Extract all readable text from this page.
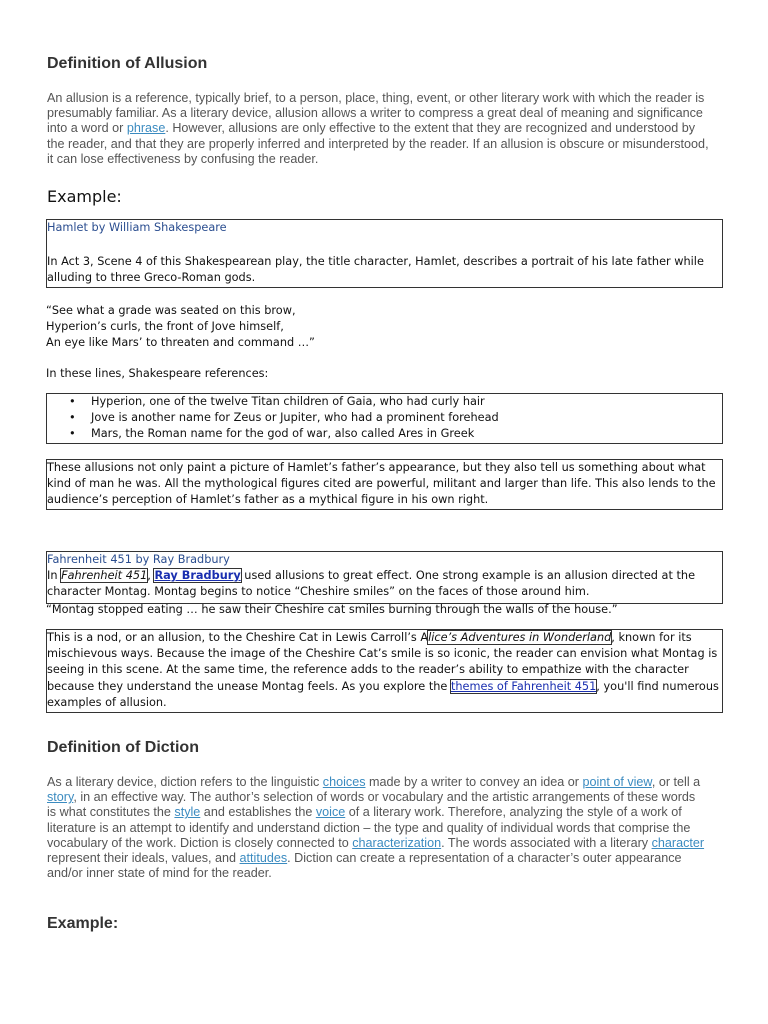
Definition of Allusion
An allusion is a reference, typically brief, to a person, place, thing, event, or other literary work with which the reader is presumably familiar. As a literary device, allusion allows a writer to compress a great deal of meaning and significance into a word or phrase. However, allusions are only effective to the extent that they are recognized and understood by the reader, and that they are properly inferred and interpreted by the reader. If an allusion is obscure or misunderstood, it can lose effectiveness by confusing the reader.
Example:
Hamlet by William Shakespeare
In Act 3, Scene 4 of this Shakespearean play, the title character, Hamlet, describes a portrait of his late father while alluding to three Greco-Roman gods.
“See what a grade was seated on this brow,
Hyperion’s curls, the front of Jove himself,
An eye like Mars’ to threaten and command …”
In these lines, Shakespeare references:
• Hyperion, one of the twelve Titan children of Gaia, who had curly hair
• Jove is another name for Zeus or Jupiter, who had a prominent forehead
• Mars, the Roman name for the god of war, also called Ares in Greek
These allusions not only paint a picture of Hamlet’s father’s appearance, but they also tell us something about what kind of man he was. All the mythological figures cited are powerful, militant and larger than life. This also lends to the audience’s perception of Hamlet’s father as a mythical figure in his own right.
Fahrenheit 451 by Ray Bradbury
In Fahrenheit 451, Ray Bradbury used allusions to great effect. One strong example is an allusion directed at the character Montag. Montag begins to notice “Cheshire smiles” on the faces of those around him.
“Montag stopped eating … he saw their Cheshire cat smiles burning through the walls of the house.”
This is a nod, or an allusion, to the Cheshire Cat in Lewis Carroll’s Alice’s Adventures in Wonderland, known for its mischievous ways. Because the image of the Cheshire Cat’s smile is so iconic, the reader can envision what Montag is seeing in this scene. At the same time, the reference adds to the reader’s ability to empathize with the character because they understand the unease Montag feels. As you explore the themes of Fahrenheit 451, you'll find numerous examples of allusion.
Definition of Diction
As a literary device, diction refers to the linguistic choices made by a writer to convey an idea or point of view, or tell a story, in an effective way. The author’s selection of words or vocabulary and the artistic arrangements of these words is what constitutes the style and establishes the voice of a literary work. Therefore, analyzing the style of a work of literature is an attempt to identify and understand diction – the type and quality of individual words that comprise the vocabulary of the work. Diction is closely connected to characterization. The words associated with a literary character represent their ideals, values, and attitudes. Diction can create a representation of a character’s outer appearance and/or inner state of mind for the reader.
Example:
